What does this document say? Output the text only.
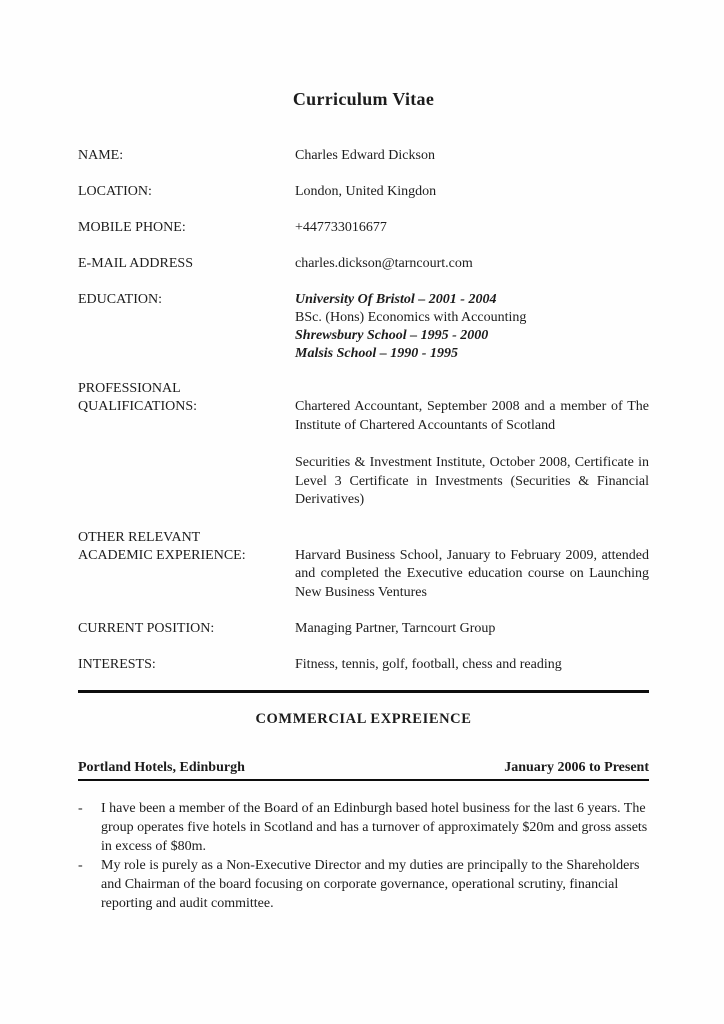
Curriculum Vitae
NAME:	Charles Edward Dickson
LOCATION:	London, United Kingdon
MOBILE PHONE:	+447733016677
E-MAIL ADDRESS	charles.dickson@tarncourt.com
EDUCATION:	University Of Bristol – 2001 - 2004
BSc. (Hons) Economics with Accounting
Shrewsbury School – 1995 - 2000
Malsis School – 1990 - 1995
PROFESSIONAL
QUALIFICATIONS:	Chartered Accountant, September 2008 and a member of The Institute of Chartered Accountants of Scotland

Securities & Investment Institute, October 2008, Certificate in Level 3 Certificate in Investments (Securities & Financial Derivatives)

OTHER RELEVANT
ACADEMIC EXPERIENCE:	Harvard Business School, January to February 2009, attended and completed the Executive education course on Launching New Business Ventures

CURRENT POSITION:	Managing Partner, Tarncourt Group
INTERESTS:	Fitness, tennis, golf, football, chess and reading
COMMERCIAL EXPREIENCE
Portland Hotels, Edinburgh	January 2006 to Present
-	I have been a member of the Board of an Edinburgh based hotel business for the last 6 years. The group operates five hotels in Scotland and has a turnover of approximately $20m and gross assets in excess of $80m.
-	My role is purely as a Non-Executive Director and my duties are principally to the Shareholders and Chairman of the board focusing on corporate governance, operational scrutiny, financial reporting and audit committee.
